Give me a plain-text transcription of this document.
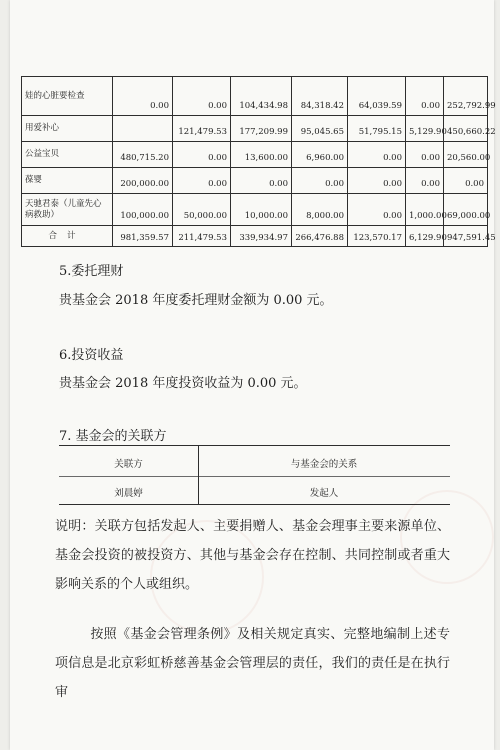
娃的心脏要检查	0.00	0.00	104,434.98	84,318.42	64,039.59	0.00	252,792.99
用爱补心		121,479.53	177,209.99	95,045.65	51,795.15	5,129.90	450,660.22
公益宝贝	480,715.20	0.00	13,600.00	6,960.00	0.00	0.00	20,560.00
葆婴	200,000.00	0.00	0.00	0.00	0.00	0.00	0.00
天驰君泰（儿童先心病救助）	100,000.00	50,000.00	10,000.00	8,000.00	0.00	1,000.00	69,000.00
合计	981,359.57	211,479.53	339,934.97	266,476.88	123,570.17	6,129.90	947,591.45
5.委托理财
贵基金会 2018 年度委托理财金额为 0.00 元。
6.投资收益
贵基金会 2018 年度投资收益为 0.00 元。
7. 基金会的关联方
关联方	与基金会的关系
刘晨婷	发起人
说明：关联方包括发起人、主要捐赠人、基金会理事主要来源单位、基金会投资的被投资方、其他与基金会存在控制、共同控制或者重大影响关系的个人或组织。
按照《基金会管理条例》及相关规定真实、完整地编制上述专项信息是北京彩虹桥慈善基金会管理层的责任，我们的责任是在执行审
